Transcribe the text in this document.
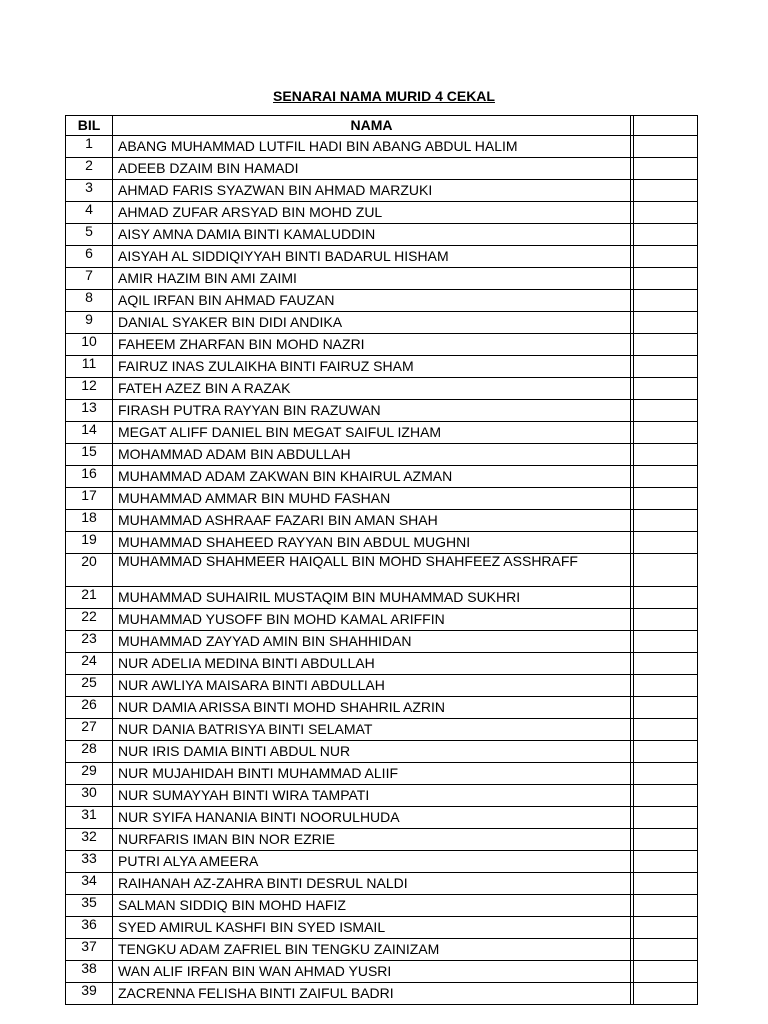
SENARAI NAMA MURID 4 CEKAL
BIL	NAMA		
1	ABANG MUHAMMAD LUTFIL HADI BIN ABANG ABDUL HALIM		
2	ADEEB DZAIM BIN HAMADI		
3	AHMAD FARIS SYAZWAN BIN AHMAD MARZUKI		
4	AHMAD ZUFAR ARSYAD BIN MOHD ZUL		
5	AISY AMNA DAMIA BINTI KAMALUDDIN		
6	AISYAH AL SIDDIQIYYAH BINTI BADARUL HISHAM		
7	AMIR HAZIM BIN AMI ZAIMI		
8	AQIL IRFAN BIN AHMAD FAUZAN		
9	DANIAL SYAKER BIN DIDI ANDIKA		
10	FAHEEM ZHARFAN BIN MOHD NAZRI		
11	FAIRUZ INAS ZULAIKHA BINTI FAIRUZ SHAM		
12	FATEH AZEZ BIN A RAZAK		
13	FIRASH PUTRA RAYYAN BIN RAZUWAN		
14	MEGAT ALIFF DANIEL BIN MEGAT SAIFUL IZHAM		
15	MOHAMMAD ADAM BIN ABDULLAH		
16	MUHAMMAD ADAM ZAKWAN BIN KHAIRUL AZMAN		
17	MUHAMMAD AMMAR BIN MUHD FASHAN		
18	MUHAMMAD ASHRAAF FAZARI BIN AMAN SHAH		
19	MUHAMMAD SHAHEED RAYYAN BIN ABDUL MUGHNI		
20	MUHAMMAD SHAHMEER HAIQALL BIN MOHD SHAHFEEZ ASSHRAFF		
21	MUHAMMAD SUHAIRIL MUSTAQIM BIN MUHAMMAD SUKHRI		
22	MUHAMMAD YUSOFF BIN MOHD KAMAL ARIFFIN		
23	MUHAMMAD ZAYYAD AMIN BIN SHAHHIDAN		
24	NUR ADELIA MEDINA BINTI ABDULLAH		
25	NUR AWLIYA MAISARA BINTI ABDULLAH		
26	NUR DAMIA ARISSA BINTI MOHD SHAHRIL AZRIN		
27	NUR DANIA BATRISYA BINTI SELAMAT		
28	NUR IRIS DAMIA BINTI ABDUL NUR		
29	NUR MUJAHIDAH BINTI MUHAMMAD ALIIF		
30	NUR SUMAYYAH BINTI WIRA TAMPATI		
31	NUR SYIFA HANANIA BINTI NOORULHUDA		
32	NURFARIS IMAN BIN NOR EZRIE		
33	PUTRI ALYA AMEERA		
34	RAIHANAH AZ-ZAHRA BINTI DESRUL NALDI		
35	SALMAN SIDDIQ BIN MOHD HAFIZ		
36	SYED AMIRUL KASHFI BIN SYED ISMAIL		
37	TENGKU ADAM ZAFRIEL BIN TENGKU ZAINIZAM		
38	WAN ALIF IRFAN BIN WAN AHMAD YUSRI		
39	ZACRENNA FELISHA BINTI ZAIFUL BADRI		
